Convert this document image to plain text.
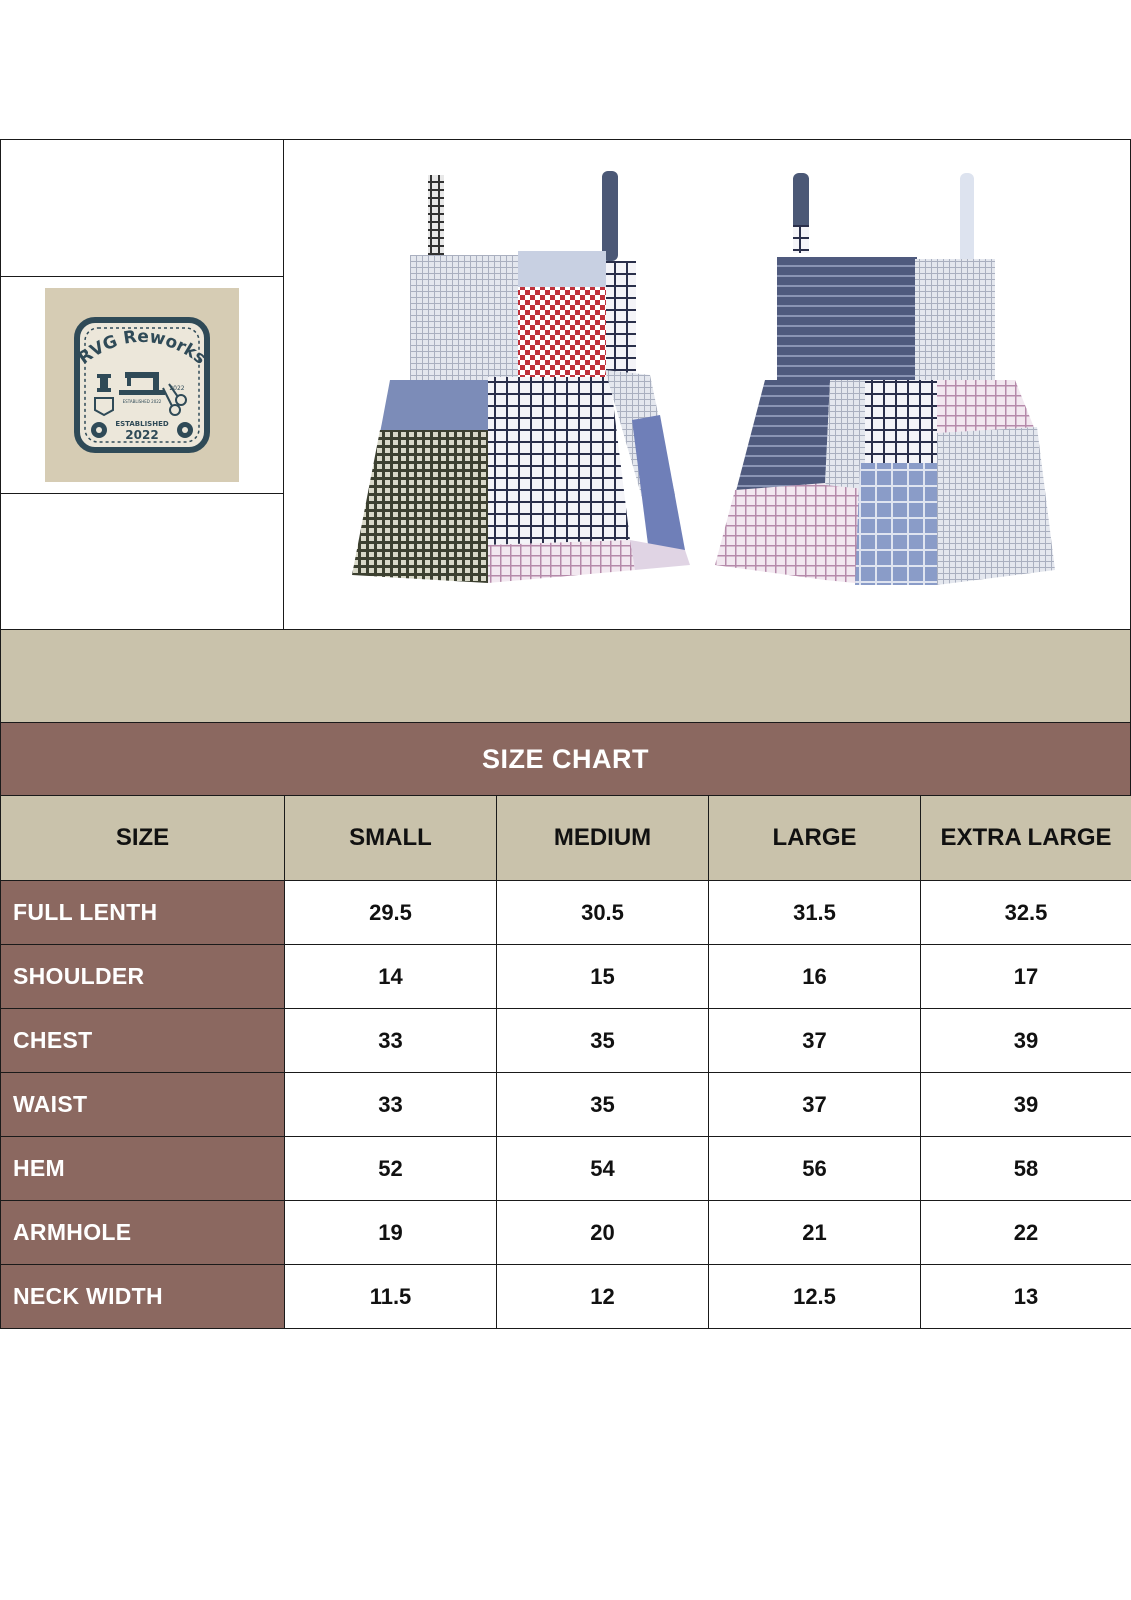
RVG Reworks
ESTABLISHED
2022
2022
ESTABLISHED 2022
SIZE CHART
SIZE	SMALL	MEDIUM	LARGE	EXTRA LARGE
FULL LENTH	29.5	30.5	31.5	32.5
SHOULDER	14	15	16	17
CHEST	33	35	37	39
WAIST	33	35	37	39
HEM	52	54	56	58
ARMHOLE	19	20	21	22
NECK WIDTH	11.5	12	12.5	13
